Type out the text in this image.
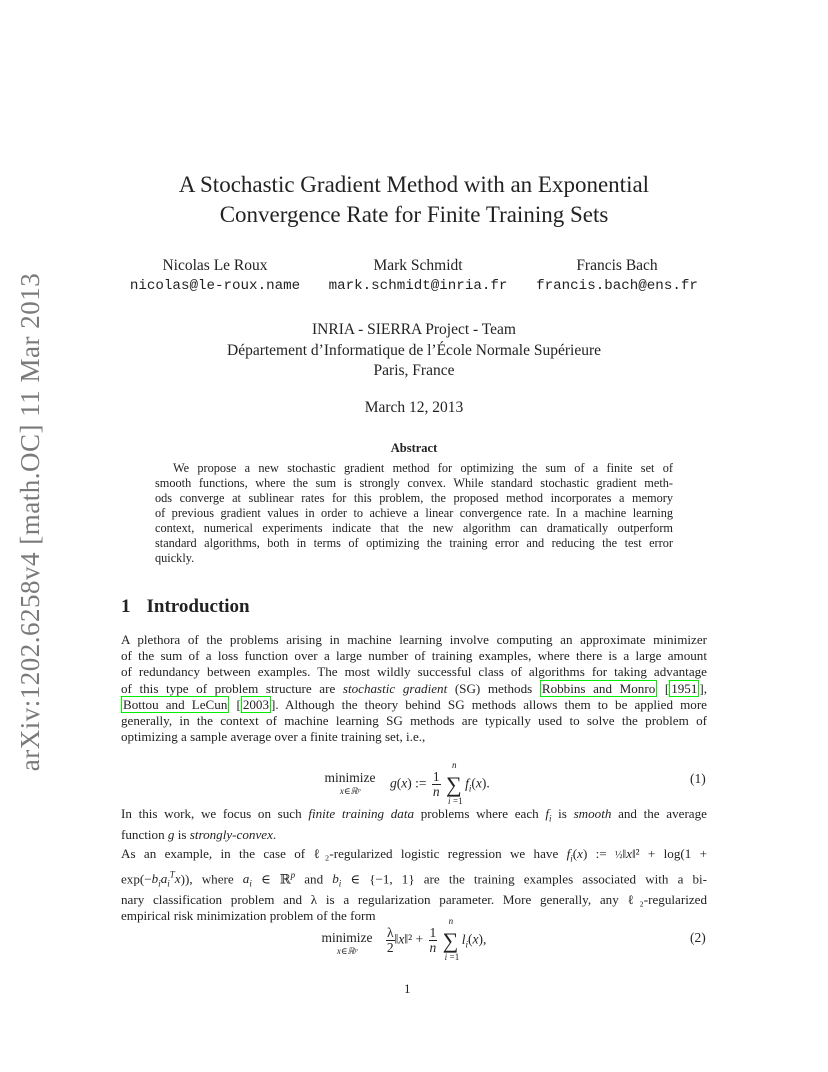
arXiv:1202.6258v4 [math.OC] 11 Mar 2013
A Stochastic Gradient Method with an Exponential
Convergence Rate for Finite Training Sets
Nicolas Le Roux
nicolas@le-roux.name
Mark Schmidt
mark.schmidt@inria.fr
Francis Bach
francis.bach@ens.fr
INRIA - SIERRA Project - Team
Département d’Informatique de l’École Normale Supérieure
Paris, France
March 12, 2013
Abstract
We propose a new stochastic gradient method for optimizing the sum of a finite set of
smooth functions, where the sum is strongly convex. While standard stochastic gradient meth-
ods converge at sublinear rates for this problem, the proposed method incorporates a memory
of previous gradient values in order to achieve a linear convergence rate. In a machine learning
context, numerical experiments indicate that the new algorithm can dramatically outperform
standard algorithms, both in terms of optimizing the training error and reducing the test error
quickly.
1 Introduction
A plethora of the problems arising in machine learning involve computing an approximate minimizer
of the sum of a loss function over a large number of training examples, where there is a large amount
of redundancy between examples. The most wildly successful class of algorithms for taking advantage
of this type of problem structure are stochastic gradient (SG) methods Robbins and Monro [ 1951 ],
Bottou and LeCun [ 2003 ]. Although the theory behind SG methods allows them to be applied more
generally, in the context of machine learning SG methods are typically used to solve the problem of
optimizing a sample average over a finite training set, i.e.,
minimize
x∈ℝᵖ
g(x) := $\frac{1}{n}$ ∑
n
i =1
$f_i(x)$.	(1)
In this work, we focus on such finite training data problems where each $f_i$ is smooth and the average
function g is strongly-convex.
As an example, in the case of ℓ₂-regularized logistic regression we have $f_i(x)$ := ½‖x‖² + log(1 +
$\exp(-b_ia_i^Tx)$), where $a_i$ ∈ ℝ$^p$ and $b_i$ ∈ {−1, 1} are the training examples associated with a bi-
nary classification problem and λ is a regularization parameter. More generally, any ℓ₂-regularized
empirical risk minimization problem of the form
minimize
x∈ℝᵖ	$\frac{\lambda}{2}$ ‖x‖² + $\frac{1}{n}$ ∑
n
i =1
$l_i(x)$,	(2)
1
